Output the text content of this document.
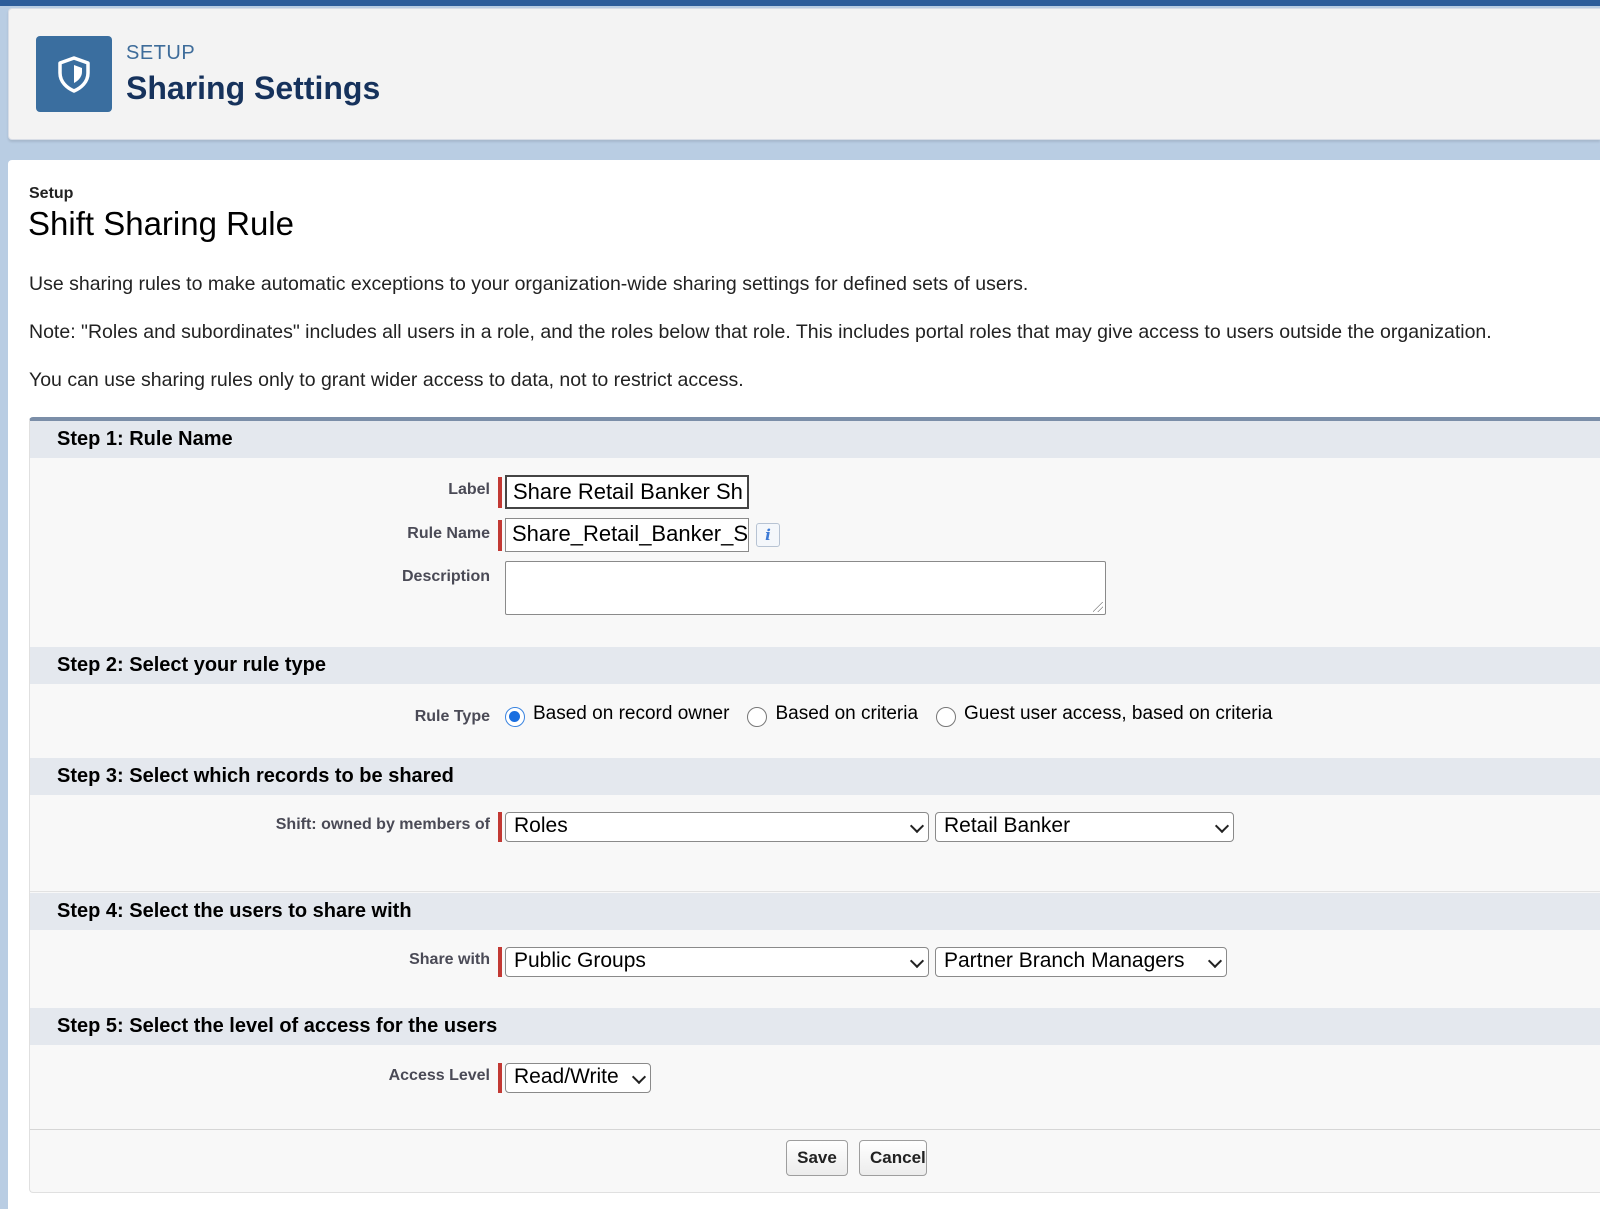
SETUP
Sharing Settings
Setup
Shift Sharing Rule
Use sharing rules to make automatic exceptions to your organization-wide sharing settings for defined sets of users.
Note: "Roles and subordinates" includes all users in a role, and the roles below that role. This includes portal roles that may give access to users outside the organization.
You can use sharing rules only to grant wider access to data, not to restrict access.
Step 1: Rule Name
Label	Share Retail Banker Sh
Rule Name	Share_Retail_Banker_S	i
Description
Step 2: Select your rule type
Rule Type Based on record owner Based on criteria Guest user access, based on criteria
Step 3: Select which records to be shared
Shift: owned by members of	Roles	Retail Banker
Step 4: Select the users to share with
Share with	Public Groups	Partner Branch Managers
Step 5: Select the level of access for the users
Access Level	Read/Write
Save	Cancel
